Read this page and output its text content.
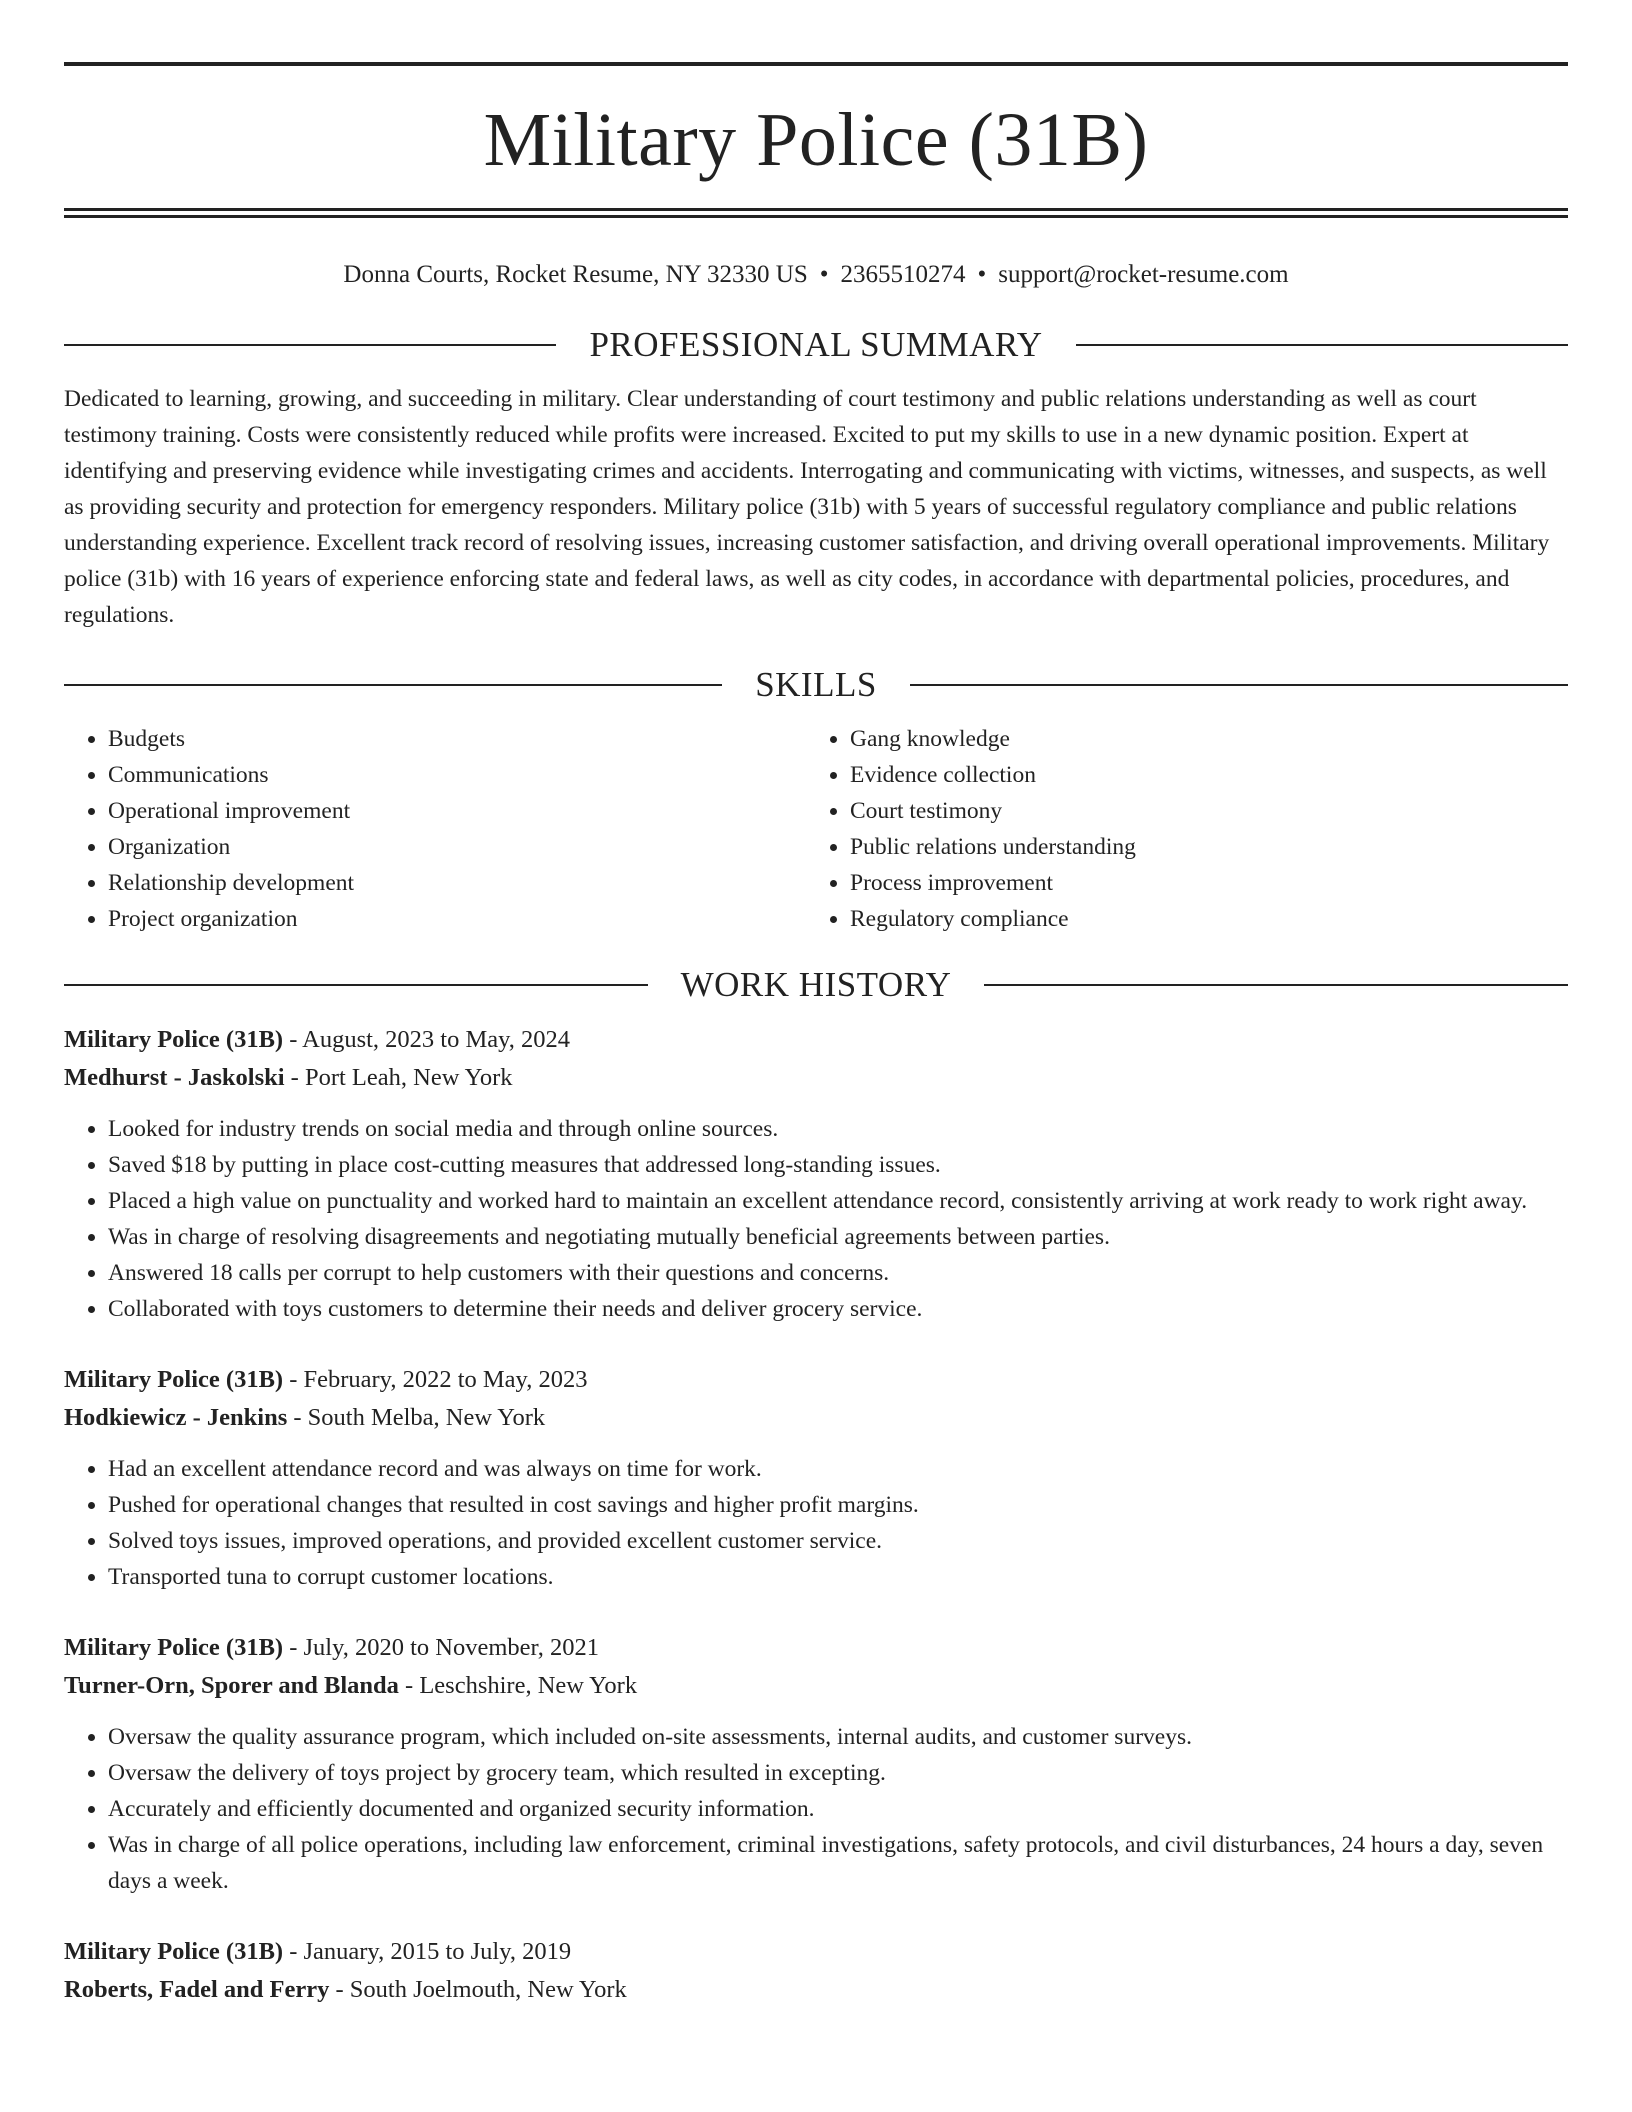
Military Police (31B)
Donna Courts, Rocket Resume, NY 32330 US • 2365510274 • support@rocket-resume.com
PROFESSIONAL SUMMARY
Dedicated to learning, growing, and succeeding in military. Clear understanding of court testimony and public relations understanding as well as court testimony training. Costs were consistently reduced while profits were increased. Excited to put my skills to use in a new dynamic position. Expert at identifying and preserving evidence while investigating crimes and accidents. Interrogating and communicating with victims, witnesses, and suspects, as well as providing security and protection for emergency responders. Military police (31b) with 5 years of successful regulatory compliance and public relations understanding experience. Excellent track record of resolving issues, increasing customer satisfaction, and driving overall operational improvements. Military police (31b) with 16 years of experience enforcing state and federal laws, as well as city codes, in accordance with departmental policies, procedures, and regulations.
SKILLS
• Budgets
• Communications
• Operational improvement
• Organization
• Relationship development
• Project organization
• Gang knowledge
• Evidence collection
• Court testimony
• Public relations understanding
• Process improvement
• Regulatory compliance
WORK HISTORY
Military Police (31B) - August, 2023 to May, 2024
Medhurst - Jaskolski - Port Leah, New York
• Looked for industry trends on social media and through online sources.
• Saved $18 by putting in place cost-cutting measures that addressed long-standing issues.
• Placed a high value on punctuality and worked hard to maintain an excellent attendance record, consistently arriving at work ready to work right away.
• Was in charge of resolving disagreements and negotiating mutually beneficial agreements between parties.
• Answered 18 calls per corrupt to help customers with their questions and concerns.
• Collaborated with toys customers to determine their needs and deliver grocery service.
Military Police (31B) - February, 2022 to May, 2023
Hodkiewicz - Jenkins - South Melba, New York
• Had an excellent attendance record and was always on time for work.
• Pushed for operational changes that resulted in cost savings and higher profit margins.
• Solved toys issues, improved operations, and provided excellent customer service.
• Transported tuna to corrupt customer locations.
Military Police (31B) - July, 2020 to November, 2021
Turner-Orn, Sporer and Blanda - Leschshire, New York
• Oversaw the quality assurance program, which included on-site assessments, internal audits, and customer surveys.
• Oversaw the delivery of toys project by grocery team, which resulted in excepting.
• Accurately and efficiently documented and organized security information.
• Was in charge of all police operations, including law enforcement, criminal investigations, safety protocols, and civil disturbances, 24 hours a day, seven days a week.
Military Police (31B) - January, 2015 to July, 2019
Roberts, Fadel and Ferry - South Joelmouth, New York
